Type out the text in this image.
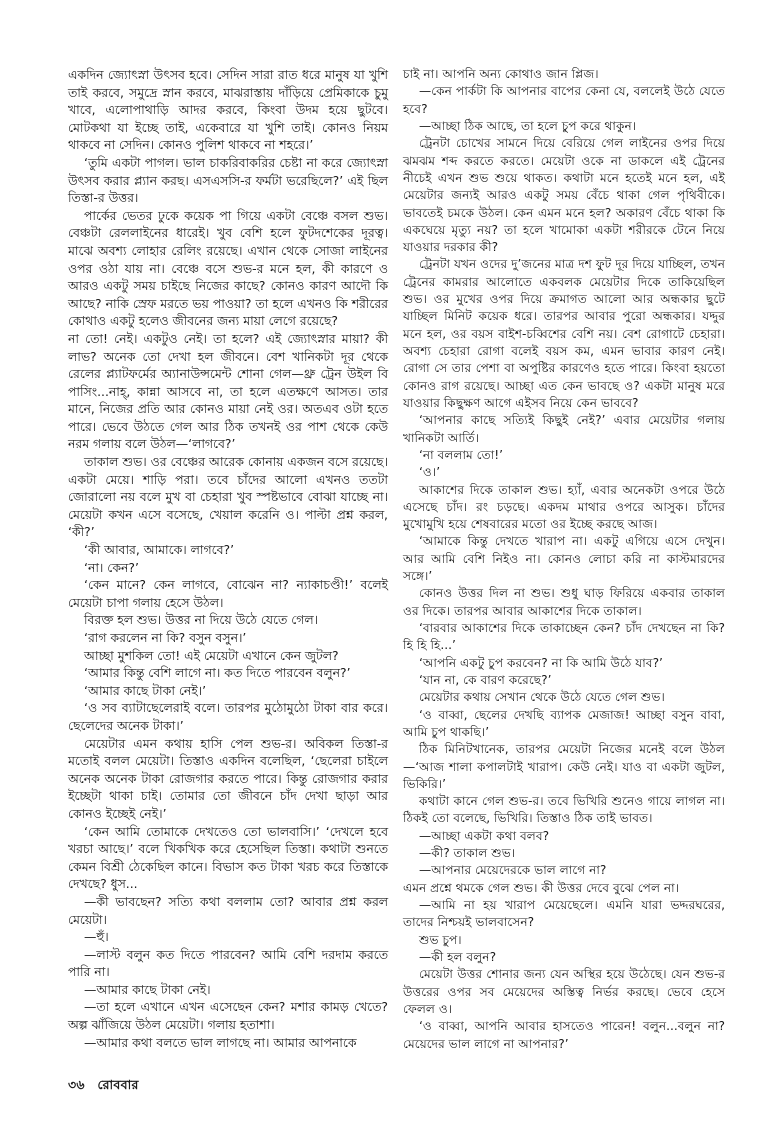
একদিন জ্যোৎস্না উৎসব হবে। সেদিন সারা রাত ধরে মানুষ যা খুশি তাই করবে, সমুদ্রে স্নান করবে, মাঝরাস্তায় দাঁড়িয়ে প্রেমিকাকে চুমু খাবে, এলোপাথাড়ি আদর করবে, কিংবা উদম হয়ে ছুটবে। মোটকথা যা ইচ্ছে তাই, একেবারে যা খুশি তাই। কোনও নিয়ম থাকবে না সেদিন। কোনও পুলিশ থাকবে না শহরে।’

‘তুমি একটা পাগল। ভাল চাকরিবাকরির চেষ্টা না করে জ্যোৎস্না উৎসব করার প্ল্যান করছ। এসএসসি-র ফর্মটা ভরেছিলে?’ এই ছিল তিস্তা-র উত্তর।

পার্কের ভেতর ঢুকে কয়েক পা গিয়ে একটা বেঞ্চে বসল শুভ। বেঞ্চটা রেললাইনের ধারেই। খুব বেশি হলে ফুটদশেকের দূরত্ব। মাঝে অবশ্য লোহার রেলিং রয়েছে। এখান থেকে সোজা লাইনের ওপর ওঠা যায় না। বেঞ্চে বসে শুভ-র মনে হল, কী কারণে ও আরও একটু সময় চাইছে নিজের কাছে? কোনও কারণ আদৌ কি আছে? নাকি স্রেফ মরতে ভয় পাওয়া? তা হলে এখনও কি শরীরের কোথাও একটু হলেও জীবনের জন্য মায়া লেগে রয়েছে?

না তো! নেই। একটুও নেই। তা হলে? এই জ্যোৎস্নার মায়া? কী লাভ? অনেক তো দেখা হল জীবনে। বেশ খানিকটা দূর থেকে রেলের প্ল্যাটফর্মের অ্যানাউন্সমেন্ট শোনা গেল—থ্রু ট্রেন উইল বি পাসিং...নাহ্, কান্না আসবে না, তা হলে এতক্ষণে আসত। তার মানে, নিজের প্রতি আর কোনও মায়া নেই ওর। অতএব ওটা হতে পারে। ভেবে উঠতে গেল আর ঠিক তখনই ওর পাশ থেকে কেউ নরম গলায় বলে উঠল—‘লাগবে?’

তাকাল শুভ। ওর বেঞ্চের আরেক কোনায় একজন বসে রয়েছে। একটা মেয়ে। শাড়ি পরা। তবে চাঁদের আলো এখনও ততটা জোরালো নয় বলে মুখ বা চেহারা খুব স্পষ্টভাবে বোঝা যাচ্ছে না। মেয়েটা কখন এসে বসেছে, খেয়াল করেনি ও। পাল্টা প্রশ্ন করল, ‘কী?’

‘কী আবার, আমাকে। লাগবে?’

‘না। কেন?’

‘কেন মানে? কেন লাগবে, বোঝেন না? ন্যাকাচণ্ডী!’ বলেই মেয়েটা চাপা গলায় হেসে উঠল।

বিরক্ত হল শুভ। উত্তর না দিয়ে উঠে যেতে গেল।

‘রাগ করলেন না কি? বসুন বসুন।’

আচ্ছা মুশকিল তো! এই মেয়েটা এখানে কেন জুটল?

‘আমার কিন্তু বেশি লাগে না। কত দিতে পারবেন বলুন?’

‘আমার কাছে টাকা নেই।’

‘ও সব ব্যাটাছেলেরাই বলে। তারপর মুঠোমুঠো টাকা বার করে। ছেলেদের অনেক টাকা।’

মেয়েটার এমন কথায় হাসি পেল শুভ-র। অবিকল তিস্তা-র মতোই বলল মেয়েটা। তিস্তাও একদিন বলেছিল, ‘ছেলেরা চাইলে অনেক অনেক টাকা রোজগার করতে পারে। কিন্তু রোজগার করার ইচ্ছেটা থাকা চাই। তোমার তো জীবনে চাঁদ দেখা ছাড়া আর কোনও ইচ্ছেই নেই।’

‘কেন আমি তোমাকে দেখতেও তো ভালবাসি।’ ‘দেখলে হবে খরচা আছে।’ বলে খিকখিক করে হেসেছিল তিস্তা। কথাটা শুনতে কেমন বিশ্রী ঠেকেছিল কানে। বিভাস কত টাকা খরচ করে তিস্তাকে দেখছে? ধুস...

—কী ভাবছেন? সত্যি কথা বললাম তো? আবার প্রশ্ন করল মেয়েটা।

—হুঁ।

—লাস্ট বলুন কত দিতে পারবেন? আমি বেশি দরদাম করতে পারি না।

—আমার কাছে টাকা নেই।

—তা হলে এখানে এখন এসেছেন কেন? মশার কামড় খেতে? অল্প ঝাঁজিয়ে উঠল মেয়েটা। গলায় হতাশা।

—আমার কথা বলতে ভাল লাগছে না। আমার আপনাকে

চাই না। আপনি অন্য কোথাও জান প্লিজ।

—কেন পার্কটা কি আপনার বাপের কেনা যে, বললেই উঠে যেতে হবে?

—আচ্ছা ঠিক আছে, তা হলে চুপ করে থাকুন।

ট্রেনটা চোখের সামনে দিয়ে বেরিয়ে গেল লাইনের ওপর দিয়ে ঝমঝম শব্দ করতে করতে। মেয়েটা ওকে না ডাকলে এই ট্রেনের নীচেই এখন শুভ শুয়ে থাকত। কথাটা মনে হতেই মনে হল, এই মেয়েটার জন্যই আরও একটু সময় বেঁচে থাকা গেল পৃথিবীকে। ভাবতেই চমকে উঠল। কেন এমন মনে হল? অকারণ বেঁচে থাকা কি একঘেয়ে মৃত্যু নয়? তা হলে খামোকা একটা শরীরকে টেনে নিয়ে যাওয়ার দরকার কী?

ট্রেনটা যখন ওদের দু’জনের মাত্র দশ ফুট দূর দিয়ে যাচ্ছিল, তখন ট্রেনের কামরার আলোতে একবলক মেয়েটার দিকে তাকিয়েছিল শুভ। ওর মুখের ওপর দিয়ে ক্রমাগত আলো আর অন্ধকার ছুটে যাচ্ছিল মিনিট কয়েক ধরে। তারপর আবার পুরো অন্ধকার। যদ্দুর মনে হল, ওর বয়স বাইশ-চব্বিশের বেশি নয়। বেশ রোগাটে চেহারা। অবশ্য চেহারা রোগা বলেই বয়স কম, এমন ভাবার কারণ নেই। রোগা সে তার পেশা বা অপুষ্টির কারণেও হতে পারে। কিংবা হয়তো কোনও রাগ রয়েছে। আচ্ছা এত কেন ভাবছে ও? একটা মানুষ মরে যাওয়ার কিছুক্ষণ আগে এইসব নিয়ে কেন ভাববে?

‘আপনার কাছে সত্যিই কিছুই নেই?’ এবার মেয়েটার গলায় খানিকটা আর্তি।

‘না বললাম তো!’

‘ও।’

আকাশের দিকে তাকাল শুভ। হ্যাঁ, এবার অনেকটা ওপরে উঠে এসেছে চাঁদ। রং চড়ছে। একদম মাথার ওপরে আসুক। চাঁদের মুখোমুখি হয়ে শেষবারের মতো ওর ইচ্ছে করছে আজ।

‘আমাকে কিন্তু দেখতে খারাপ না। একটু এগিয়ে এসে দেখুন। আর আমি বেশি নিইও না। কোনও লোচা করি না কাস্টমারদের সঙ্গে।’

কোনও উত্তর দিল না শুভ। শুধু ঘাড় ফিরিয়ে একবার তাকাল ওর দিকে। তারপর আবার আকাশের দিকে তাকাল।

‘বারবার আকাশের দিকে তাকাচ্ছেন কেন? চাঁদ দেখছেন না কি? হি হি হি...’

‘আপনি একটু চুপ করবেন? না কি আমি উঠে যাব?’

‘যান না, কে বারণ করেছে?’

মেয়েটার কথায় সেখান থেকে উঠে যেতে গেল শুভ।

‘ও বাব্বা, ছেলের দেখছি ব্যাপক মেজাজ! আচ্ছা বসুন বাবা, আমি চুপ থাকছি।’

ঠিক মিনিটখানেক, তারপর মেয়েটা নিজের মনেই বলে উঠল—‘আজ শালা কপালটাই খারাপ। কেউ নেই। যাও বা একটা জুটল, ভিকিরি।’

কথাটা কানে গেল শুভ-র। তবে ভিখিরি শুনেও গায়ে লাগল না। ঠিকই তো বলেছে, ভিখিরি। তিস্তাও ঠিক তাই ভাবত।

—আচ্ছা একটা কথা বলব?

—কী? তাকাল শুভ।

—আপনার মেয়েদেরকে ভাল লাগে না?

এমন প্রশ্নে থমকে গেল শুভ। কী উত্তর দেবে বুঝে পেল না।

—আমি না হয় খারাপ মেয়েছেলে। এমনি যারা ভদ্দরঘরের, তাদের নিশ্চয়ই ভালবাসেন?

শুভ চুপ।

—কী হল বলুন?

মেয়েটা উত্তর শোনার জন্য যেন অস্থির হয়ে উঠেছে। যেন শুভ-র উত্তরের ওপর সব মেয়েদের অস্তিত্ব নির্ভর করছে। ভেবে হেসে ফেলল ও।

‘ও বাব্বা, আপনি আবার হাসতেও পারেন! বলুন...বলুন না? মেয়েদের ভাল লাগে না আপনার?’

৩৬ রোববার
